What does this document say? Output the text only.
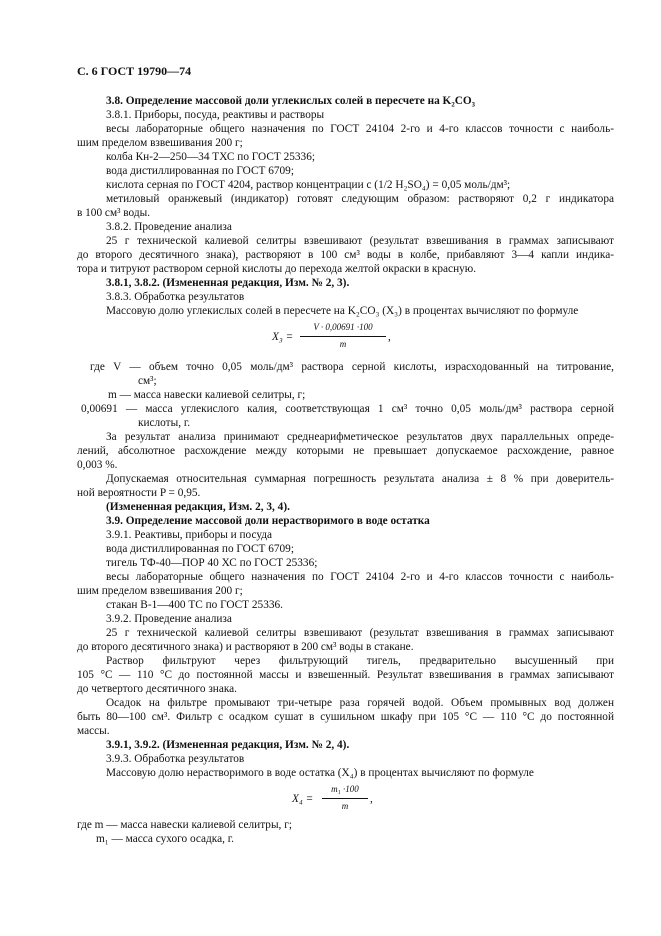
С. 6 ГОСТ 19790—74
3.8. Определение массовой доли углекислых солей в пересчете на K₂CO₃
3.8.1. Приборы, посуда, реактивы и растворы
весы лабораторные общего назначения по ГОСТ 24104 2-го и 4-го классов точности с наиболь-
шим пределом взвешивания 200 г;
колба Кн-2—250—34 ТХС по ГОСТ 25336;
вода дистиллированная по ГОСТ 6709;
кислота серная по ГОСТ 4204, раствор концентрации c (1/2 H₂SO₄) = 0,05 моль/дм³;
метиловый оранжевый (индикатор) готовят следующим образом: растворяют 0,2 г индикатора
в 100 см³ воды.
3.8.2. Проведение анализа
25 г технической калиевой селитры взвешивают (результат взвешивания в граммах записывают
до второго десятичного знака), растворяют в 100 см³ воды в колбе, прибавляют 3—4 капли индика-
тора и титруют раствором серной кислоты до перехода желтой окраски в красную.
3.8.1, 3.8.2. (Измененная редакция, Изм. № 2, 3).
3.8.3. Обработка результатов
Массовую долю углекислых солей в пересчете на K₂CO₃ (X₃) в процентах вычисляют по формуле
X₃ =
V · 0,00691 ·100
m
,
где V — объем точно 0,05 моль/дм³ раствора серной кислоты, израсходованный на титрование,
см³;
m — масса навески калиевой селитры, г;
0,00691 — масса углекислого калия, соответствующая 1 см³ точно 0,05 моль/дм³ раствора серной
кислоты, г.
За результат анализа принимают среднеарифметическое результатов двух параллельных опреде-
лений, абсолютное расхождение между которыми не превышает допускаемое расхождение, равное
0,003 %.
Допускаемая относительная суммарная погрешность результата анализа ± 8 % при доверитель-
ной вероятности P = 0,95.
(Измененная редакция, Изм. 2, 3, 4).
3.9. Определение массовой доли нерастворимого в воде остатка
3.9.1. Реактивы, приборы и посуда
вода дистиллированная по ГОСТ 6709;
тигель ТФ-40—ПОР 40 ХС по ГОСТ 25336;
весы лабораторные общего назначения по ГОСТ 24104 2-го и 4-го классов точности с наиболь-
шим пределом взвешивания 200 г;
стакан В-1—400 ТС по ГОСТ 25336.
3.9.2. Проведение анализа
25 г технической калиевой селитры взвешивают (результат взвешивания в граммах записывают
до второго десятичного знака) и растворяют в 200 см³ воды в стакане.
Раствор фильтруют через фильтрующий тигель, предварительно высушенный при
105 °С — 110 °С до постоянной массы и взвешенный. Результат взвешивания в граммах записывают
до четвертого десятичного знака.
Осадок на фильтре промывают три-четыре раза горячей водой. Объем промывных вод должен
быть 80—100 см³. Фильтр с осадком сушат в сушильном шкафу при 105 °С — 110 °С до постоянной
массы.
3.9.1, 3.9.2. (Измененная редакция, Изм. № 2, 4).
3.9.3. Обработка результатов
Массовую долю нерастворимого в воде остатка (X₄) в процентах вычисляют по формуле
X₄ =
m₁ ·100
m
,
где m — масса навески калиевой селитры, г;
m₁ — масса сухого осадка, г.
